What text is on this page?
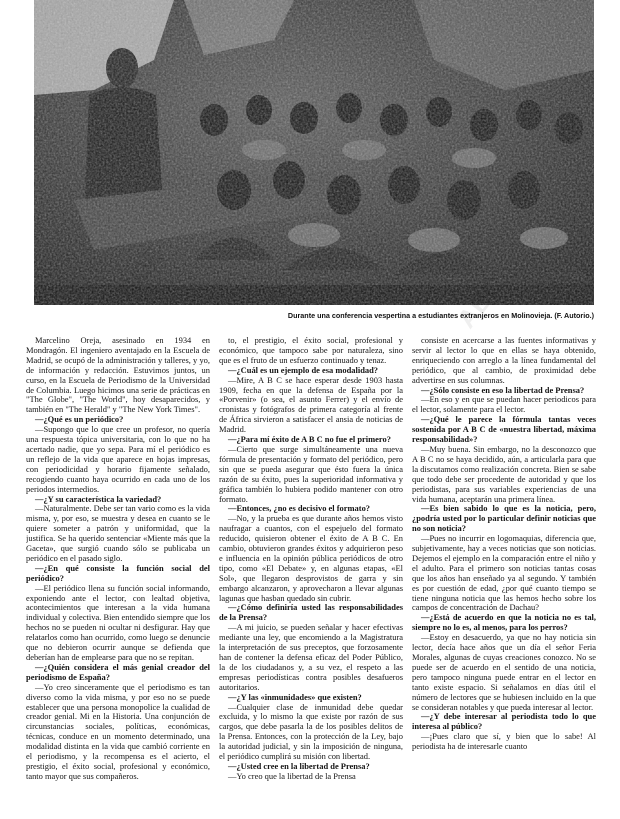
Durante una conferencia vespertina a estudiantes extranjeros en Molinovieja. (F. Autorio.)

Marcelino Oreja, asesinado en 1934 en Mondragón. El ingeniero aventajado en la Escuela de Madrid, se ocupó de la administración y talleres, y yo, de información y redacción. Estuvimos juntos, un curso, en la Escuela de Periodismo de la Universidad de Columbia. Luego hicimos una serie de prácticas en "The Globe", "The World", hoy desaparecidos, y también en "The Herald" y "The New York Times".

—¿Qué es un periódico?

—Supongo que lo que cree un profesor, no quería una respuesta tópica universitaria, con lo que no ha acertado nadie, que yo sepa. Para mí el periódico es un reflejo de la vida que aparece en hojas impresas, con periodicidad y horario fijamente señalado, recogiendo cuanto haya ocurrido en cada uno de los periodos intermedios.

—¿Y su característica la variedad?

—Naturalmente. Debe ser tan vario como es la vida misma, y, por eso, se muestra y desea en cuanto se le quiere someter a patrón y uniformidad, que la justifica. Se ha querido sentenciar «Miente más que la Gaceta», que surgió cuando sólo se publicaba un periódico en el pasado siglo.

—¿En qué consiste la función social del periódico?

—El periódico llena su función social informando, exponiendo ante el lector, con lealtad objetiva, acontecimientos que interesan a la vida humana individual y colectiva. Bien entendido siempre que los hechos no se pueden ni ocultar ni desfigurar. Hay que relatarlos como han ocurrido, como luego se denuncie que no debieron ocurrir aunque se defienda que deberían han de emplearse para que no se repitan.

—¿Quién considera el más genial creador del periodismo de España?

—Yo creo sinceramente que el periodismo es tan diverso como la vida misma, y por eso no se puede establecer que una persona monopolice la cualidad de creador genial. Mi en la Historia. Una conjunción de circunstancias sociales, políticas, económicas, técnicas, conduce en un momento determinado, una modalidad distinta en la vida que cambió corriente en el periodismo, y la recompensa es el acierto, el prestigio, el éxito social, profesional y económico, tanto mayor que sus compañeros.

to, el prestigio, el éxito social, profesional y económico, que tampoco sabe por naturaleza, sino que es el fruto de un esfuerzo continuado y tenaz.

—¿Cuál es un ejemplo de esa modalidad?

—Mire, A B C se hace esperar desde 1903 hasta 1909, fecha en que la defensa de España por la «Porvenir» (o sea, el asunto Ferrer) y el envío de cronistas y fotógrafos de primera categoría al frente de África sirvieron a satisfacer el ansia de noticias de Madrid.

—¿Para mí éxito de A B C no fue el primero?

—Cierto que surge simultáneamente una nueva fórmula de presentación y formato del periódico, pero sin que se pueda asegurar que ésto fuera la única razón de su éxito, pues la superioridad informativa y gráfica también lo hubiera podido mantener con otro formato.

—Entonces, ¿no es decisivo el formato?

—No, y la prueba es que durante años hemos visto naufragar a cuantos, con el espejuelo del formato reducido, quisieron obtener el éxito de A B C. En cambio, obtuvieron grandes éxitos y adquirieron peso e influencia en la opinión pública periódicos de otro tipo, como «El Debate» y, en algunas etapas, «El Sol», que llegaron desprovistos de garra y sin embargo alcanzaron, y aprovecharon a llevar algunas lagunas que hasban quedado sin cubrir.

—¿Cómo definiría usted las responsabilidades de la Prensa?

—A mi juicio, se pueden señalar y hacer efectivas mediante una ley, que encomiendo a la Magistratura la interpretación de sus preceptos, que forzosamente han de contener la defensa eficaz del Poder Público, la de los ciudadanos y, a su vez, el respeto a las empresas periodísticas contra posibles desafueros autoritarios.

—¿Y las «inmunidades» que existen?

—Cualquier clase de inmunidad debe quedar excluida, y lo mismo la que existe por razón de sus cargos, que debe pasarla la de los posibles delitos de la Prensa. Entonces, con la protección de la Ley, bajo la autoridad judicial, y sin la imposición de ninguna, el periódico cumplirá su misión con libertad.

—¿Usted cree en la libertad de Prensa?

—Yo creo que la libertad de la Prensa

consiste en acercarse a las fuentes informativas y servir al lector lo que en ellas se haya obtenido, enriqueciendo con arreglo a la línea fundamental del periódico, que al cambio, de proximidad debe advertirse en sus columnas.

—¿Sólo consiste en eso la libertad de Prensa?

—En eso y en que se puedan hacer periodicos para el lector, solamente para el lector.

—¿Qué le parece la fórmula tantas veces sostenida por A B C de «nuestra libertad, máxima responsabilidad»?

—Muy buena. Sin embargo, no la desconozco que A B C no se haya decidido, aún, a articularla para que la discutamos como realización concreta. Bien se sabe que todo debe ser procedente de autoridad y que los periodistas, para sus variables experiencias de una vida humana, aceptarán una primera línea.

—Es bien sabido lo que es la noticia, pero, ¿podría usted por lo particular definir noticias que no son noticia?

—Pues no incurrir en logomaquias, diferencia que, subjetivamente, hay a veces noticias que son noticias. Dejemos el ejemplo en la comparación entre el niño y el adulto. Para el primero son noticias tantas cosas que los años han enseñado ya al segundo. Y también es por cuestión de edad, ¿por qué cuanto tiempo se tiene ninguna noticia que las hemos hecho sobre los campos de concentración de Dachau?

—¿Está de acuerdo en que la noticia no es tal, siempre no lo es, al menos, para los perros?

—Estoy en desacuerdo, ya que no hay noticia sin lector, decía hace años que un día el señor Feria Morales, algunas de cuyas creaciones conozco. No se puede ser de acuerdo en el sentido de una noticia, pero tampoco ninguna puede entrar en el lector en tanto existe espacio. Si señalamos en días útil el número de lectores que se hubiesen incluido en la que se consideran notables y que pueda interesar al lector.

—¿Y debe interesar al periodista todo lo que interesa al público?

—¡Pues claro que sí, y bien que lo sabe! Al periodista ha de interesarle cuanto
